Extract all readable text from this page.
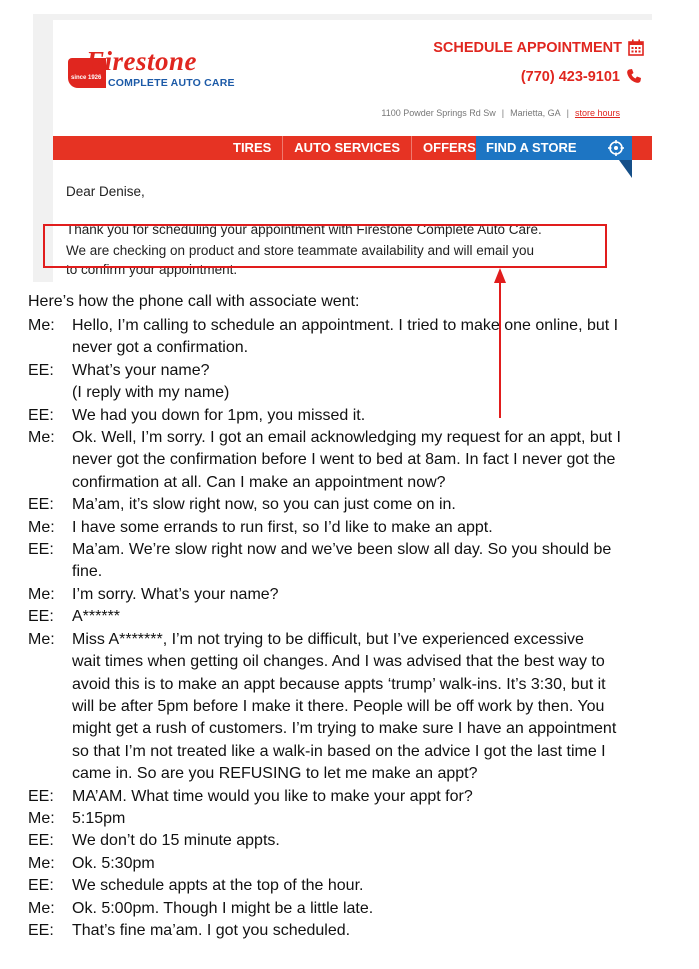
since 1926
Firestone
COMPLETE AUTO CARE
SCHEDULE APPOINTMENT
(770) 423-9101
1100 Powder Springs Rd Sw | Marietta, GA | store hours
TIRES	AUTO SERVICES	OFFERS FIND A STORE
Dear Denise,
Thank you for scheduling your appointment with Firestone Complete Auto Care.
We are checking on product and store teammate availability and will email you
to confirm your appointment.
Here’s how the phone call with associate went:
Me:	Hello, I’m calling to schedule an appointment. I tried to make one online, but I
never got a confirmation.
EE:	What’s your name?
(I reply with my name)
EE:	We had you down for 1pm, you missed it.
Me:	Ok. Well, I’m sorry. I got an email acknowledging my request for an appt, but I
never got the confirmation before I went to bed at 8am. In fact I never got the
confirmation at all. Can I make an appointment now?
EE:	Ma’am, it’s slow right now, so you can just come on in.
Me:	I have some errands to run first, so I’d like to make an appt.
EE:	Ma’am. We’re slow right now and we’ve been slow all day. So you should be
fine.
Me:	I’m sorry. What’s your name?
EE:	A******
Me:	Miss A*******, I’m not trying to be difficult, but I’ve experienced excessive
wait times when getting oil changes. And I was advised that the best way to
avoid this is to make an appt because appts ‘trump’ walk-ins. It’s 3:30, but it
will be after 5pm before I make it there. People will be off work by then. You
might get a rush of customers. I’m trying to make sure I have an appointment
so that I’m not treated like a walk-in based on the advice I got the last time I
came in. So are you REFUSING to let me make an appt?
EE:	MA’AM. What time would you like to make your appt for?
Me:	5:15pm
EE:	We don’t do 15 minute appts.
Me:	Ok. 5:30pm
EE:	We schedule appts at the top of the hour.
Me:	Ok. 5:00pm. Though I might be a little late.
EE:	That’s fine ma’am. I got you scheduled.
